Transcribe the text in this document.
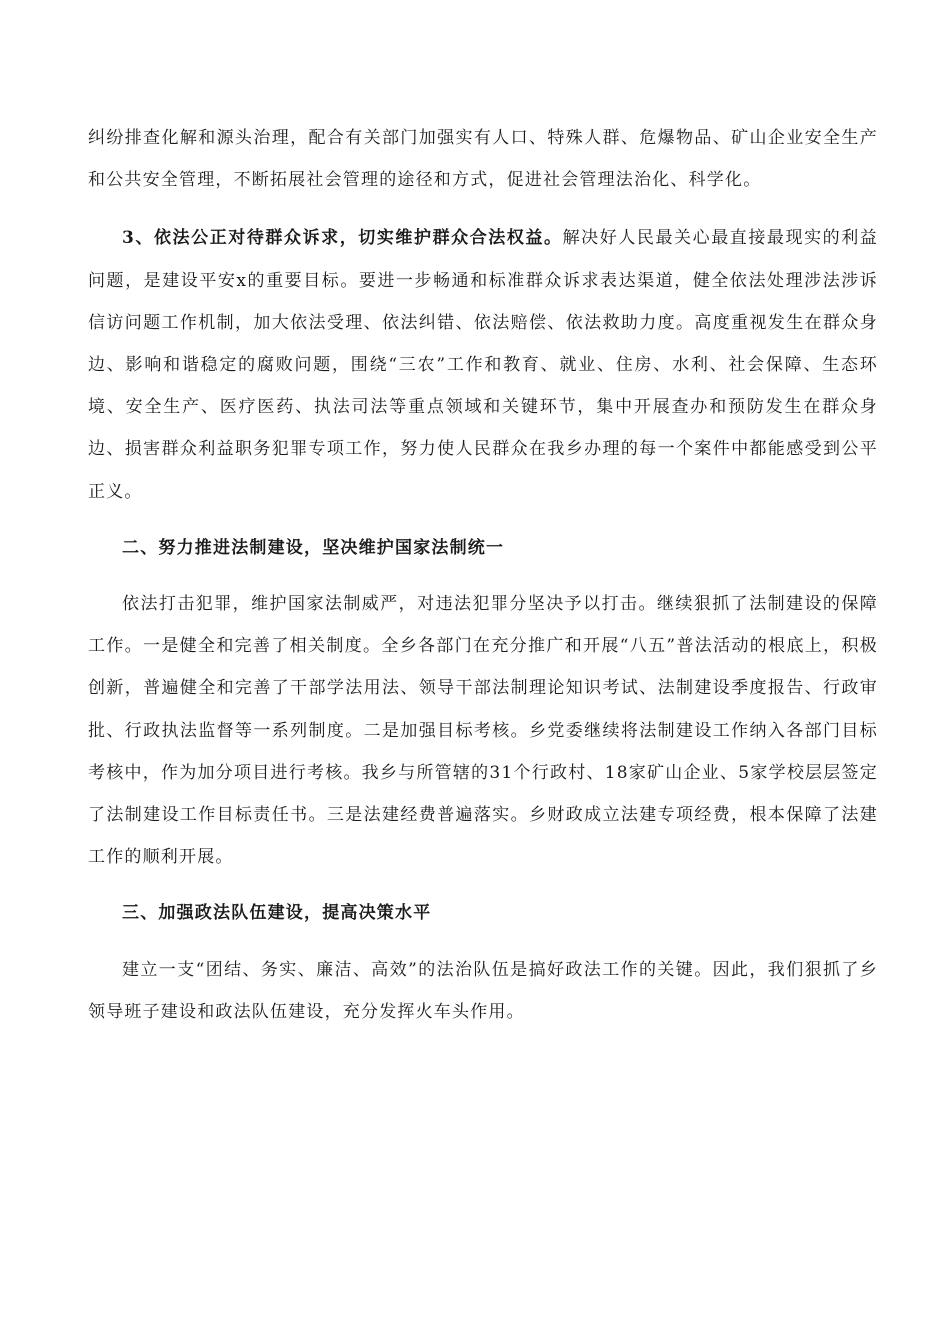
纠纷排查化解和源头治理，配合有关部门加强实有人口、特殊人群、危爆物品、矿山企业安全生产和公共安全管理，不断拓展社会管理的途径和方式，促进社会管理法治化、科学化。

3、依法公正对待群众诉求，切实维护群众合法权益。解决好人民最关心最直接最现实的利益问题，是建设平安x的重要目标。要进一步畅通和标准群众诉求表达渠道，健全依法处理涉法涉诉信访问题工作机制，加大依法受理、依法纠错、依法赔偿、依法救助力度。高度重视发生在群众身边、影响和谐稳定的腐败问题，围绕“三农”工作和教育、就业、住房、水利、社会保障、生态环境、安全生产、医疗医药、执法司法等重点领域和关键环节，集中开展查办和预防发生在群众身边、损害群众利益职务犯罪专项工作，努力使人民群众在我乡办理的每一个案件中都能感受到公平正义。

二、努力推进法制建设，坚决维护国家法制统一

依法打击犯罪，维护国家法制威严，对违法犯罪分坚决予以打击。继续狠抓了法制建设的保障工作。一是健全和完善了相关制度。全乡各部门在充分推广和开展“八五”普法活动的根底上，积极创新，普遍健全和完善了干部学法用法、领导干部法制理论知识考试、法制建设季度报告、行政审批、行政执法监督等一系列制度。二是加强目标考核。乡党委继续将法制建设工作纳入各部门目标考核中，作为加分项目进行考核。我乡与所管辖的31个行政村、18家矿山企业、5家学校层层签定了法制建设工作目标责任书。三是法建经费普遍落实。乡财政成立法建专项经费，根本保障了法建工作的顺利开展。

三、加强政法队伍建设，提高决策水平

建立一支“团结、务实、廉洁、高效”的法治队伍是搞好政法工作的关键。因此，我们狠抓了乡领导班子建设和政法队伍建设，充分发挥火车头作用。
